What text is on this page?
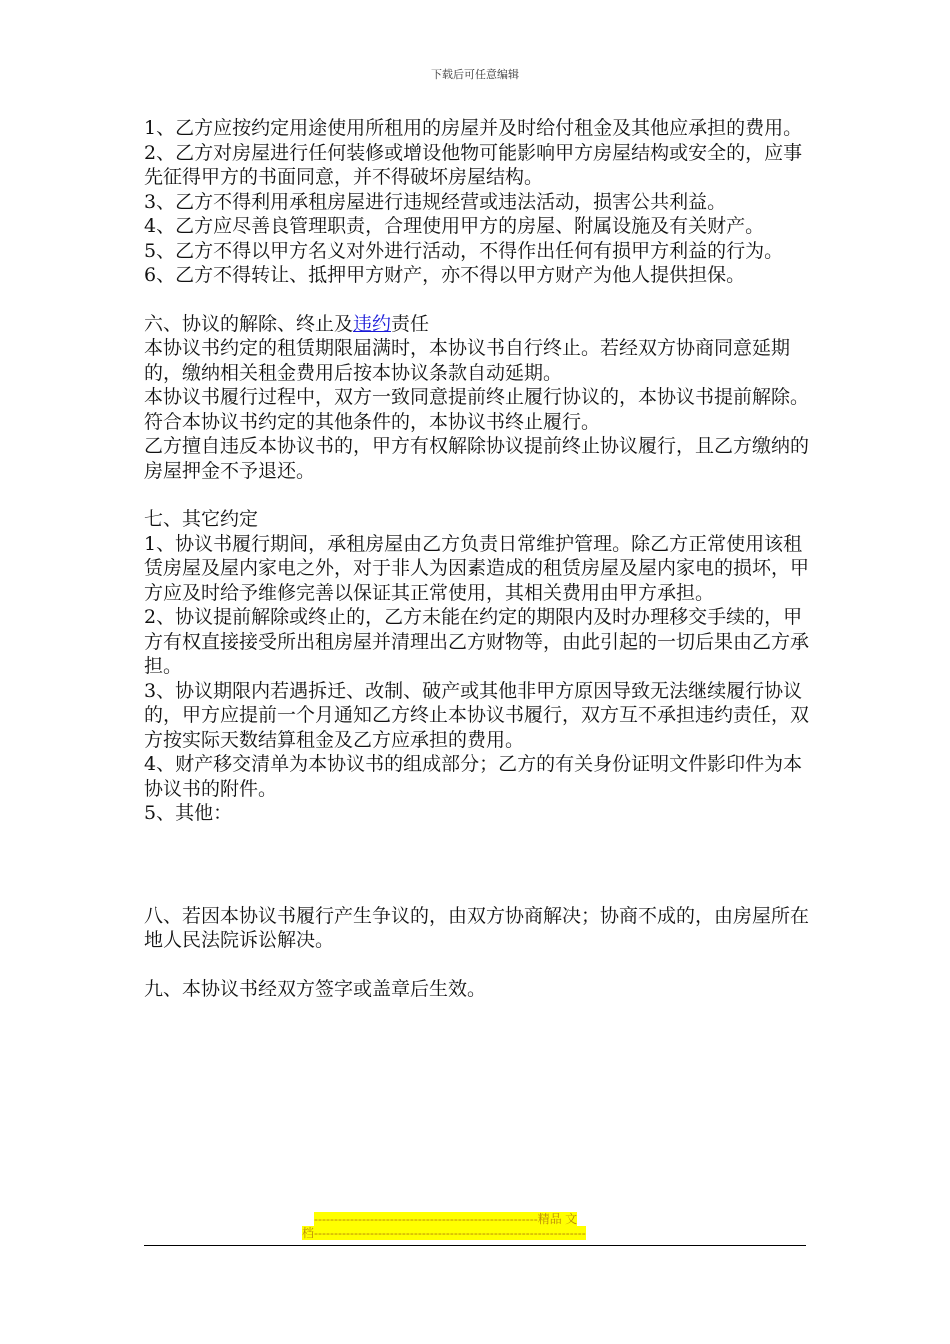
下载后可任意编辑

1、乙方应按约定用途使用所租用的房屋并及时给付租金及其他应承担的费用。

2、乙方对房屋进行任何装修或增设他物可能影响甲方房屋结构或安全的，应事先征得甲方的书面同意，并不得破坏房屋结构。

3、乙方不得利用承租房屋进行违规经营或违法活动，损害公共利益。

4、乙方应尽善良管理职责，合理使用甲方的房屋、附属设施及有关财产。

5、乙方不得以甲方名义对外进行活动，不得作出任何有损甲方利益的行为。

6、乙方不得转让、抵押甲方财产，亦不得以甲方财产为他人提供担保。

六、协议的解除、终止及违约责任

本协议书约定的租赁期限届满时，本协议书自行终止。若经双方协商同意延期的，缴纳相关租金费用后按本协议条款自动延期。

本协议书履行过程中，双方一致同意提前终止履行协议的，本协议书提前解除。

符合本协议书约定的其他条件的，本协议书终止履行。

乙方擅自违反本协议书的，甲方有权解除协议提前终止协议履行，且乙方缴纳的房屋押金不予退还。

七、其它约定

1、协议书履行期间，承租房屋由乙方负责日常维护管理。除乙方正常使用该租赁房屋及屋内家电之外，对于非人为因素造成的租赁房屋及屋内家电的损坏，甲方应及时给予维修完善以保证其正常使用，其相关费用由甲方承担。

2、协议提前解除或终止的，乙方未能在约定的期限内及时办理移交手续的，甲方有权直接接受所出租房屋并清理出乙方财物等，由此引起的一切后果由乙方承担。

3、协议期限内若遇拆迁、改制、破产或其他非甲方原因导致无法继续履行协议的，甲方应提前一个月通知乙方终止本协议书履行，双方互不承担违约责任，双方按实际天数结算租金及乙方应承担的费用。

4、财产移交清单为本协议书的组成部分；乙方的有关身份证明文件影印件为本协议书的附件。

5、其他：

八、若因本协议书履行产生争议的，由双方协商解决；协商不成的，由房屋所在地人民法院诉讼解决。

九、本协议书经双方签字或盖章后生效。

--------------------------------------------------------精品 文
档--------------------------------------------------------------------
